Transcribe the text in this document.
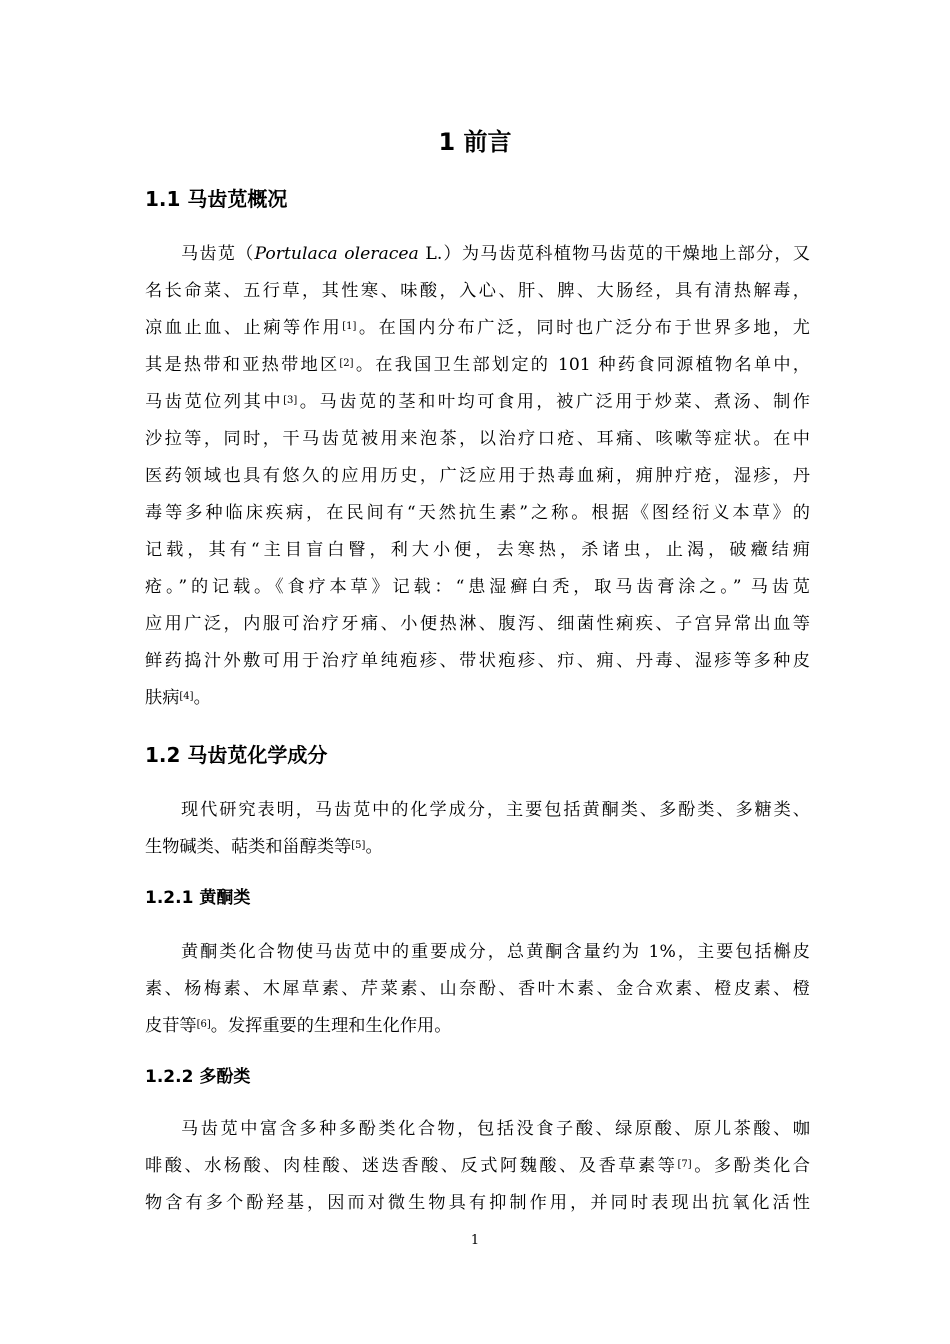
1 前言
1.1 马齿苋概况
马齿苋（Portulaca oleracea L.）为马齿苋科植物马齿苋的干燥地上部分，又
名长命菜、五行草，其性寒、味酸，入心、肝、脾、大肠经，具有清热解毒，
凉血止血、止痢等作用[1]。在国内分布广泛，同时也广泛分布于世界多地，尤
其是热带和亚热带地区[2]。在我国卫生部划定的 101 种药食同源植物名单中，
马齿苋位列其中[3]。马齿苋的茎和叶均可食用，被广泛用于炒菜、煮汤、制作
沙拉等，同时，干马齿苋被用来泡茶，以治疗口疮、耳痛、咳嗽等症状。在中
医药领域也具有悠久的应用历史，广泛应用于热毒血痢，痈肿疔疮，湿疹，丹
毒等多种临床疾病，在民间有“天然抗生素”之称。根据《图经衍义本草》的
记载，其有“主目盲白瞖，利大小便，去寒热，杀诸虫，止渴，破癥结痈
疮。”的记载。《食疗本草》记载：“患湿癣白秃，取马齿膏涂之。” 马齿苋
应用广泛，内服可治疗牙痛、小便热淋、腹泻、细菌性痢疾、子宫异常出血等
鲜药捣汁外敷可用于治疗单纯疱疹、带状疱疹、疖、痈、丹毒、湿疹等多种皮
肤病[4]。
1.2 马齿苋化学成分
现代研究表明，马齿苋中的化学成分，主要包括黄酮类、多酚类、多糖类、
生物碱类、萜类和甾醇类等[5]。
1.2.1 黄酮类
黄酮类化合物使马齿苋中的重要成分，总黄酮含量约为 1%，主要包括槲皮
素、杨梅素、木犀草素、芹菜素、山奈酚、香叶木素、金合欢素、橙皮素、橙
皮苷等[6]。发挥重要的生理和生化作用。
1.2.2 多酚类
马齿苋中富含多种多酚类化合物，包括没食子酸、绿原酸、原儿茶酸、咖
啡酸、水杨酸、肉桂酸、迷迭香酸、反式阿魏酸、及香草素等[7]。多酚类化合
物含有多个酚羟基，因而对微生物具有抑制作用，并同时表现出抗氧化活性
1
